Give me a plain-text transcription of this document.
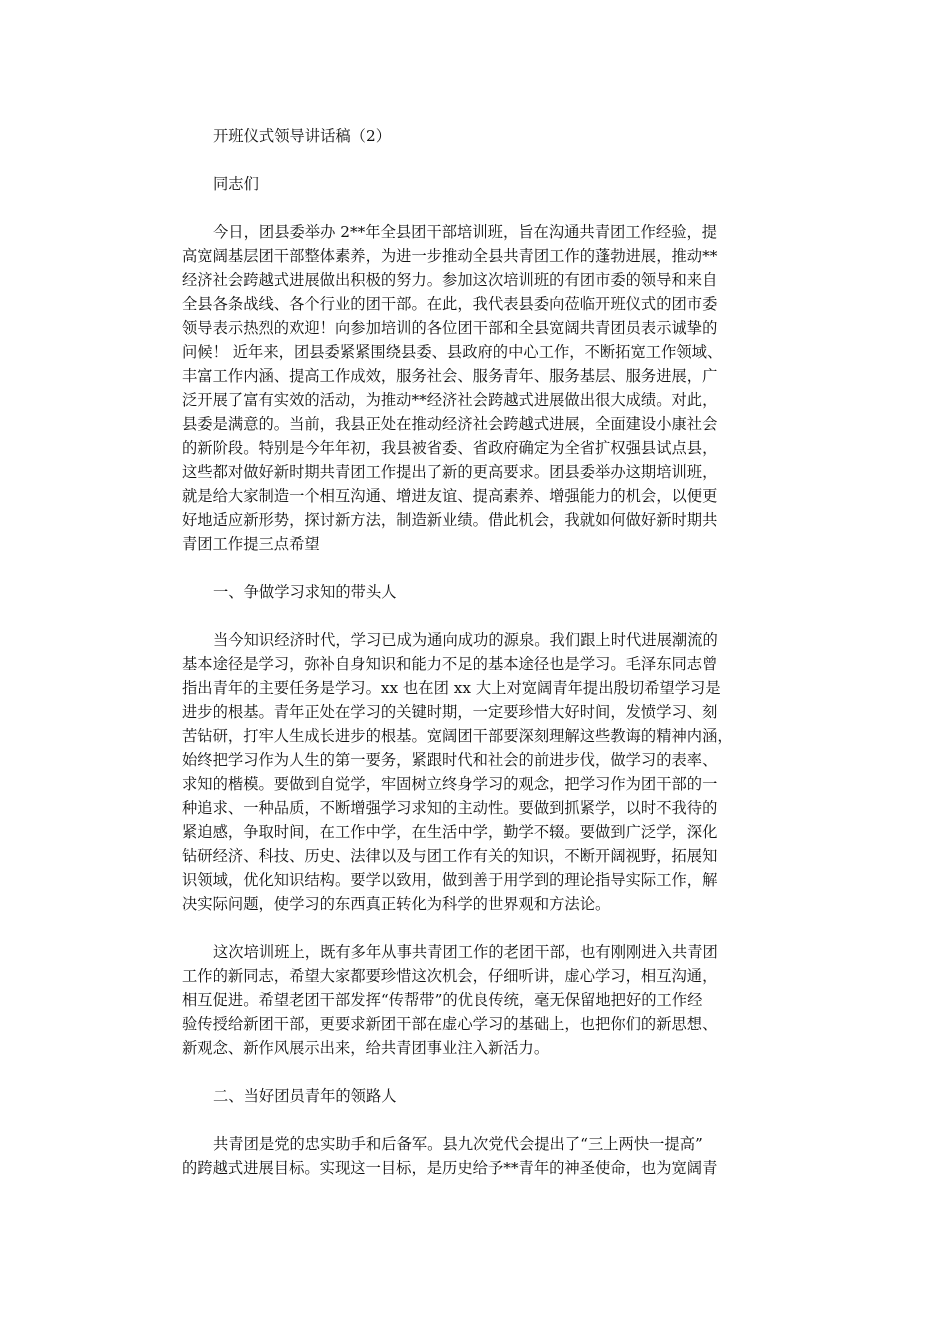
开班仪式领导讲话稿（2）
同志们
今日，团县委举办 2**年全县团干部培训班，旨在沟通共青团工作经验，提
高宽阔基层团干部整体素养，为进一步推动全县共青团工作的蓬勃进展，推动**
经济社会跨越式进展做出积极的努力。参加这次培训班的有团市委的领导和来自
全县各条战线、各个行业的团干部。在此，我代表县委向莅临开班仪式的团市委
领导表示热烈的欢迎！向参加培训的各位团干部和全县宽阔共青团员表示诚挚的
问候！ 近年来，团县委紧紧围绕县委、县政府的中心工作，不断拓宽工作领域、
丰富工作内涵、提高工作成效，服务社会、服务青年、服务基层、服务进展，广
泛开展了富有实效的活动，为推动**经济社会跨越式进展做出很大成绩。对此，
县委是满意的。当前，我县正处在推动经济社会跨越式进展，全面建设小康社会
的新阶段。特别是今年年初，我县被省委、省政府确定为全省扩权强县试点县，
这些都对做好新时期共青团工作提出了新的更高要求。团县委举办这期培训班，
就是给大家制造一个相互沟通、增进友谊、提高素养、增强能力的机会，以便更
好地适应新形势，探讨新方法，制造新业绩。借此机会，我就如何做好新时期共
青团工作提三点希望
一、争做学习求知的带头人
当今知识经济时代，学习已成为通向成功的源泉。我们跟上时代进展潮流的
基本途径是学习，弥补自身知识和能力不足的基本途径也是学习。毛泽东同志曾
指出青年的主要任务是学习。xx 也在团 xx 大上对宽阔青年提出殷切希望学习是
进步的根基。青年正处在学习的关键时期，一定要珍惜大好时间，发愤学习、刻
苦钻研，打牢人生成长进步的根基。宽阔团干部要深刻理解这些教诲的精神内涵，
始终把学习作为人生的第一要务，紧跟时代和社会的前进步伐，做学习的表率、
求知的楷模。要做到自觉学，牢固树立终身学习的观念，把学习作为团干部的一
种追求、一种品质，不断增强学习求知的主动性。要做到抓紧学，以时不我待的
紧迫感，争取时间，在工作中学，在生活中学，勤学不辍。要做到广泛学，深化
钻研经济、科技、历史、法律以及与团工作有关的知识，不断开阔视野，拓展知
识领域，优化知识结构。要学以致用，做到善于用学到的理论指导实际工作，解
决实际问题，使学习的东西真正转化为科学的世界观和方法论。
这次培训班上，既有多年从事共青团工作的老团干部，也有刚刚进入共青团
工作的新同志，希望大家都要珍惜这次机会，仔细听讲，虚心学习，相互沟通，
相互促进。希望老团干部发挥“传帮带”的优良传统，毫无保留地把好的工作经
验传授给新团干部，更要求新团干部在虚心学习的基础上，也把你们的新思想、
新观念、新作风展示出来，给共青团事业注入新活力。
二、当好团员青年的领路人
共青团是党的忠实助手和后备军。县九次党代会提出了“三上两快一提高”
的跨越式进展目标。实现这一目标，是历史给予**青年的神圣使命，也为宽阔青
